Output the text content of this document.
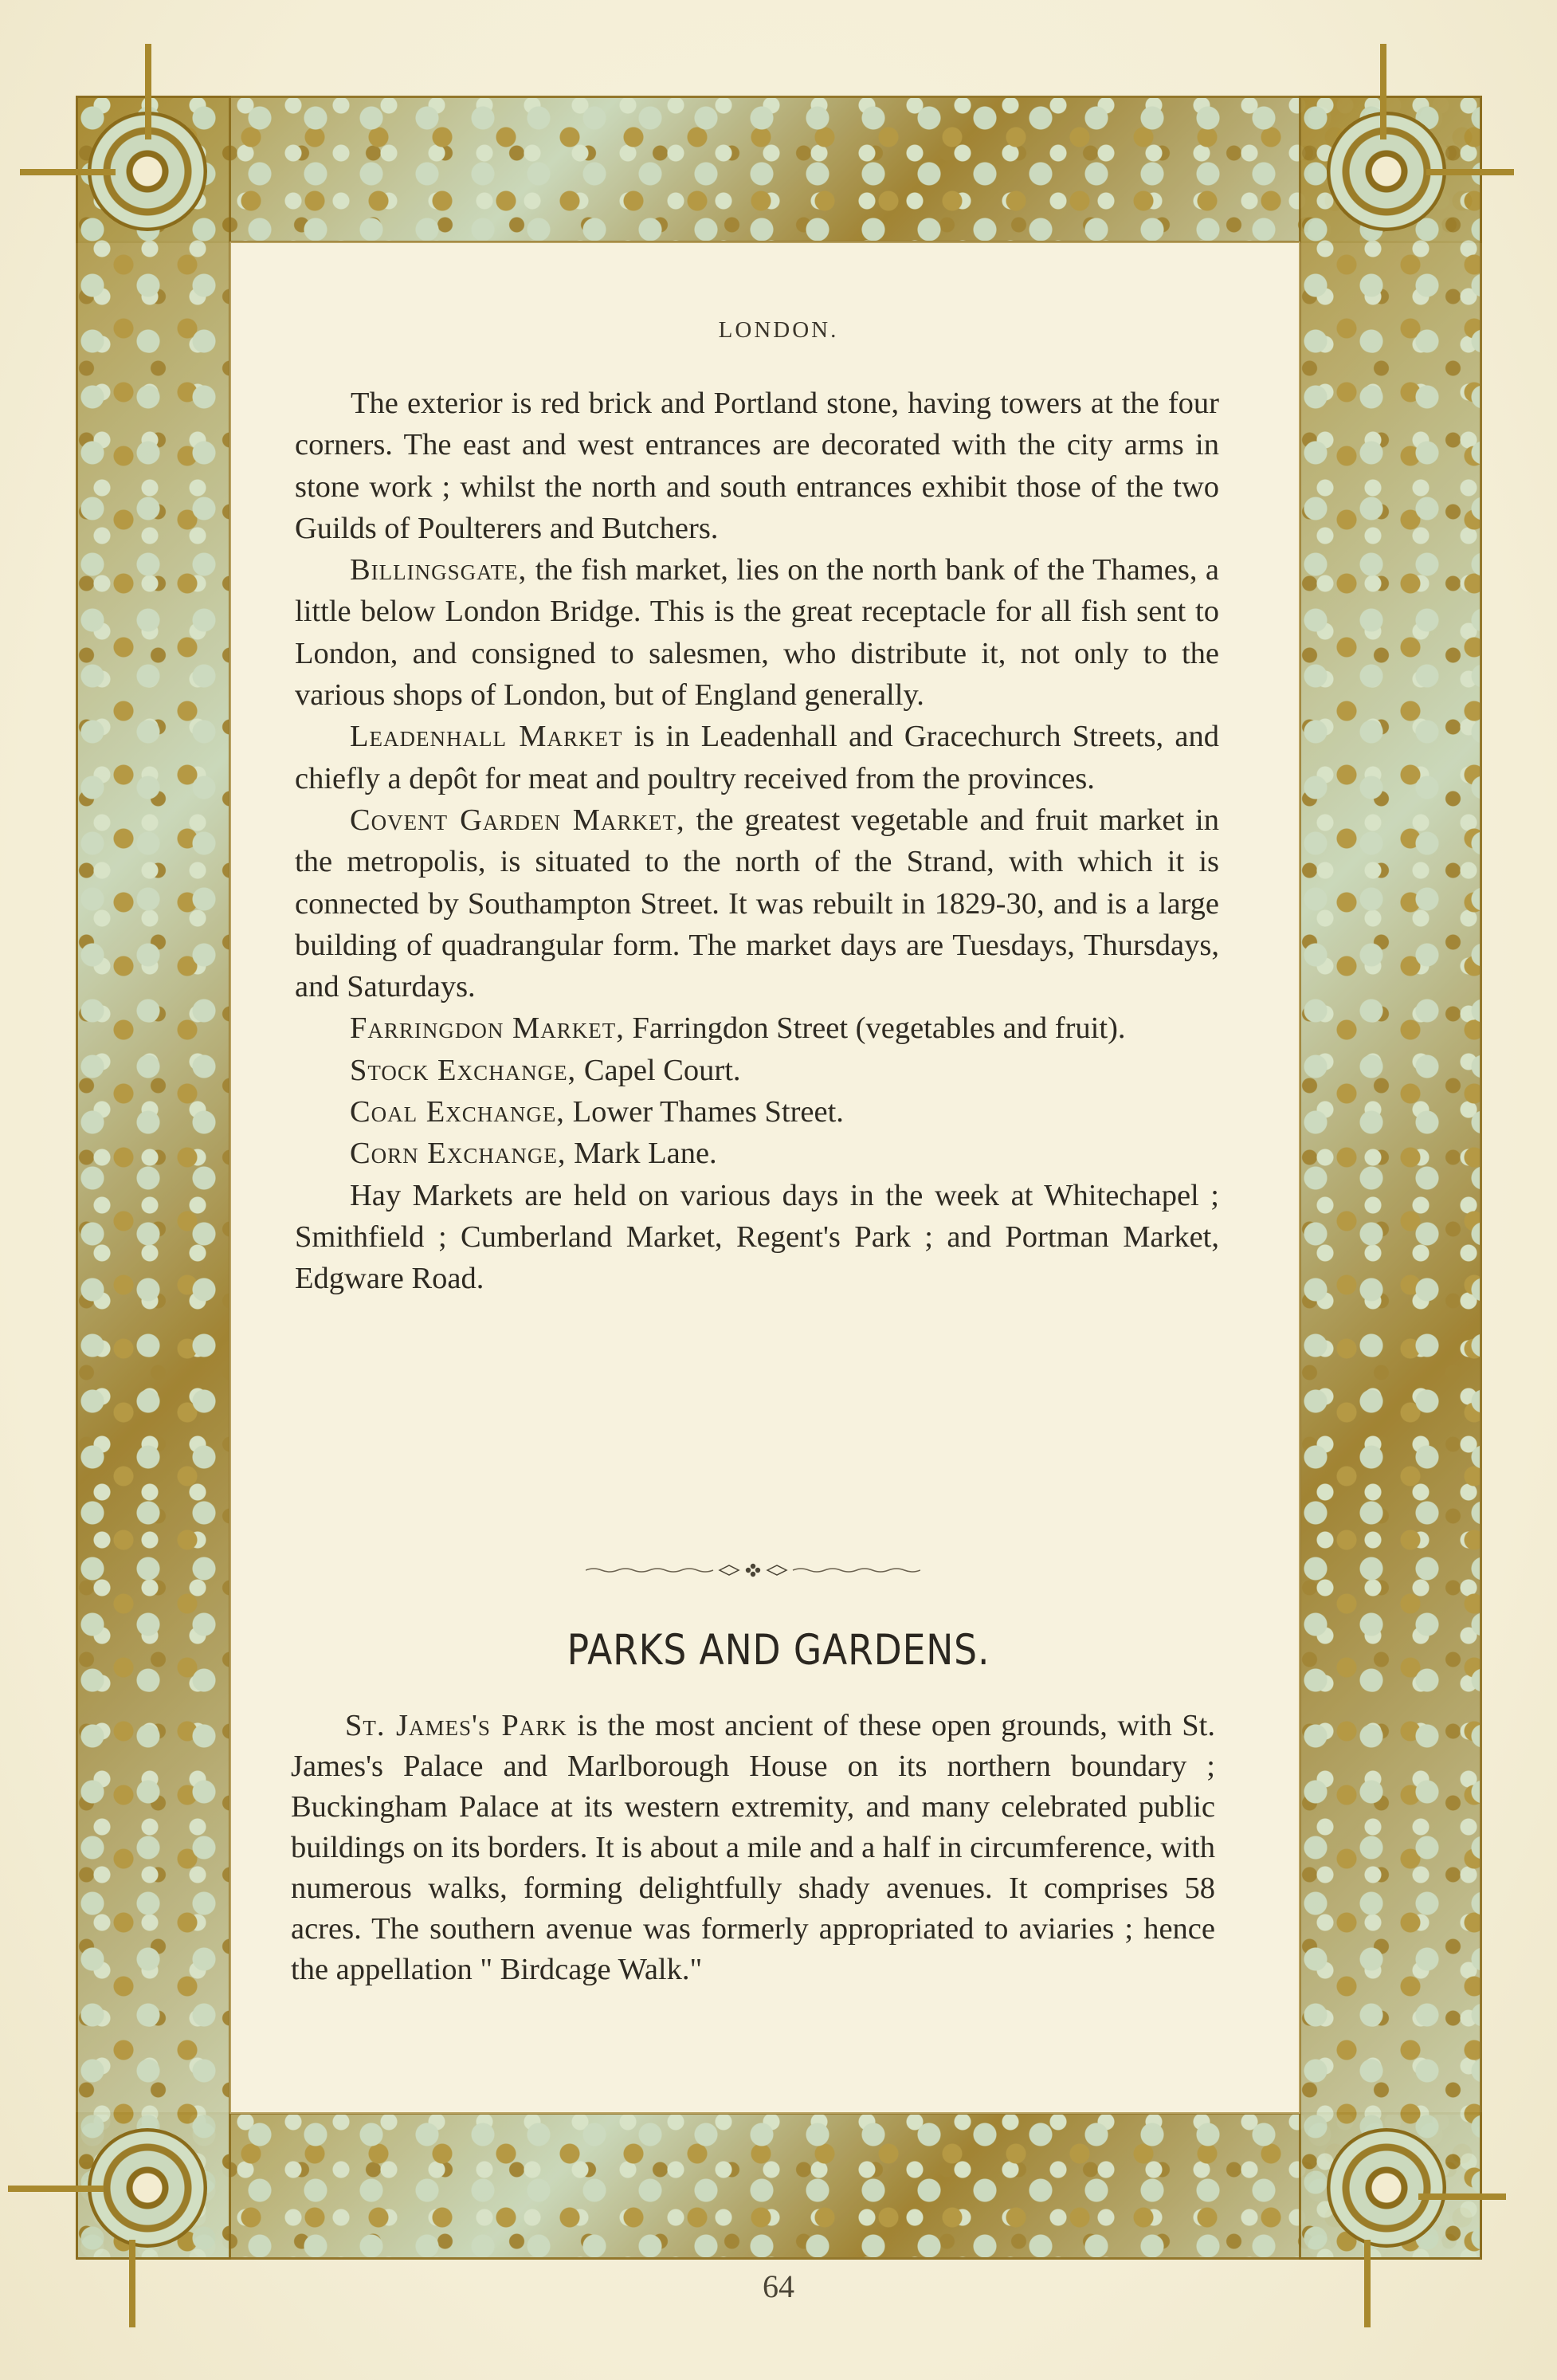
LONDON.

The exterior is red brick and Portland stone, having towers at the four corners. The east and west entrances are decorated with the city arms in stone work ; whilst the north and south entrances exhibit those of the two Guilds of Poulterers and Butchers.

Billingsgate, the fish market, lies on the north bank of the Thames, a little below London Bridge. This is the great receptacle for all fish sent to London, and consigned to salesmen, who distribute it, not only to the various shops of London, but of England generally.

Leadenhall Market is in Leadenhall and Gracechurch Streets, and chiefly a depôt for meat and poultry received from the provinces.

Covent Garden Market, the greatest vegetable and fruit market in the metropolis, is situated to the north of the Strand, with which it is connected by Southampton Street. It was rebuilt in 1829-30, and is a large building of quadrangular form. The market days are Tuesdays, Thursdays, and Saturdays.

Farringdon Market, Farringdon Street (vegetables and fruit).

Stock Exchange, Capel Court.

Coal Exchange, Lower Thames Street.

Corn Exchange, Mark Lane.

Hay Markets are held on various days in the week at Whitechapel ; Smithfield ; Cumberland Market, Regent's Park ; and Portman Market, Edgware Road.

PARKS AND GARDENS.

St. James's Park is the most ancient of these open grounds, with St. James's Palace and Marlborough House on its northern boundary ; Buckingham Palace at its western extremity, and many celebrated public buildings on its borders. It is about a mile and a half in circumference, with numerous walks, forming delightfully shady avenues. It comprises 58 acres. The southern avenue was formerly appropriated to aviaries ; hence the appellation " Birdcage Walk."

64
